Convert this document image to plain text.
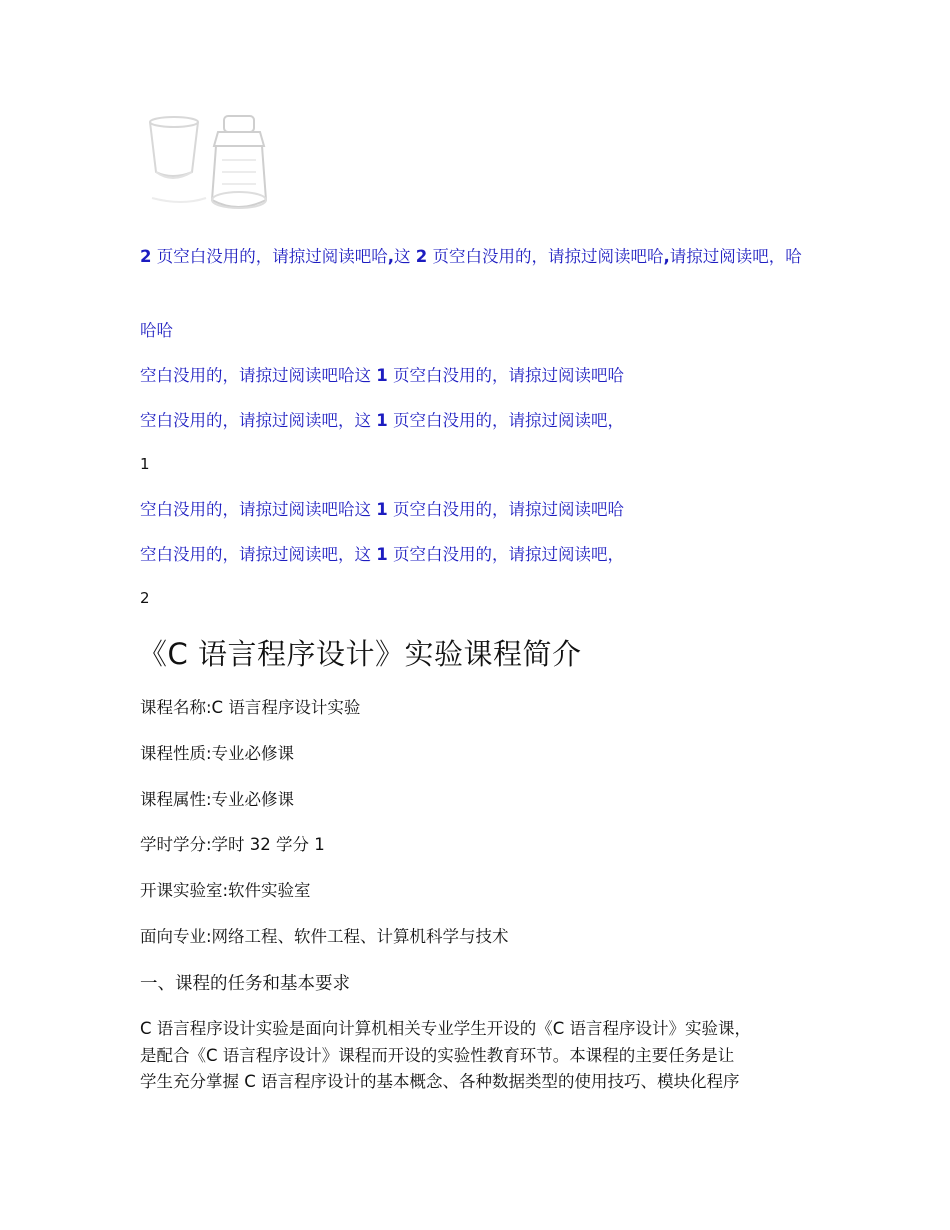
2 页空白没用的，请掠过阅读吧哈,这 2 页空白没用的，请掠过阅读吧哈,请掠过阅读吧，哈
哈哈
空白没用的，请掠过阅读吧哈这 1 页空白没用的，请掠过阅读吧哈
空白没用的，请掠过阅读吧，这 1 页空白没用的，请掠过阅读吧，
1
空白没用的，请掠过阅读吧哈这 1 页空白没用的，请掠过阅读吧哈
空白没用的，请掠过阅读吧，这 1 页空白没用的，请掠过阅读吧，
2
《C 语言程序设计》实验课程简介
课程名称:C 语言程序设计实验
课程性质:专业必修课
课程属性:专业必修课
学时学分:学时 32 学分 1
开课实验室:软件实验室
面向专业:网络工程、软件工程、计算机科学与技术
一、课程的任务和基本要求
C 语言程序设计实验是面向计算机相关专业学生开设的《C 语言程序设计》实验课，
是配合《C 语言程序设计》课程而开设的实验性教育环节。本课程的主要任务是让
学生充分掌握 C 语言程序设计的基本概念、各种数据类型的使用技巧、模块化程序
